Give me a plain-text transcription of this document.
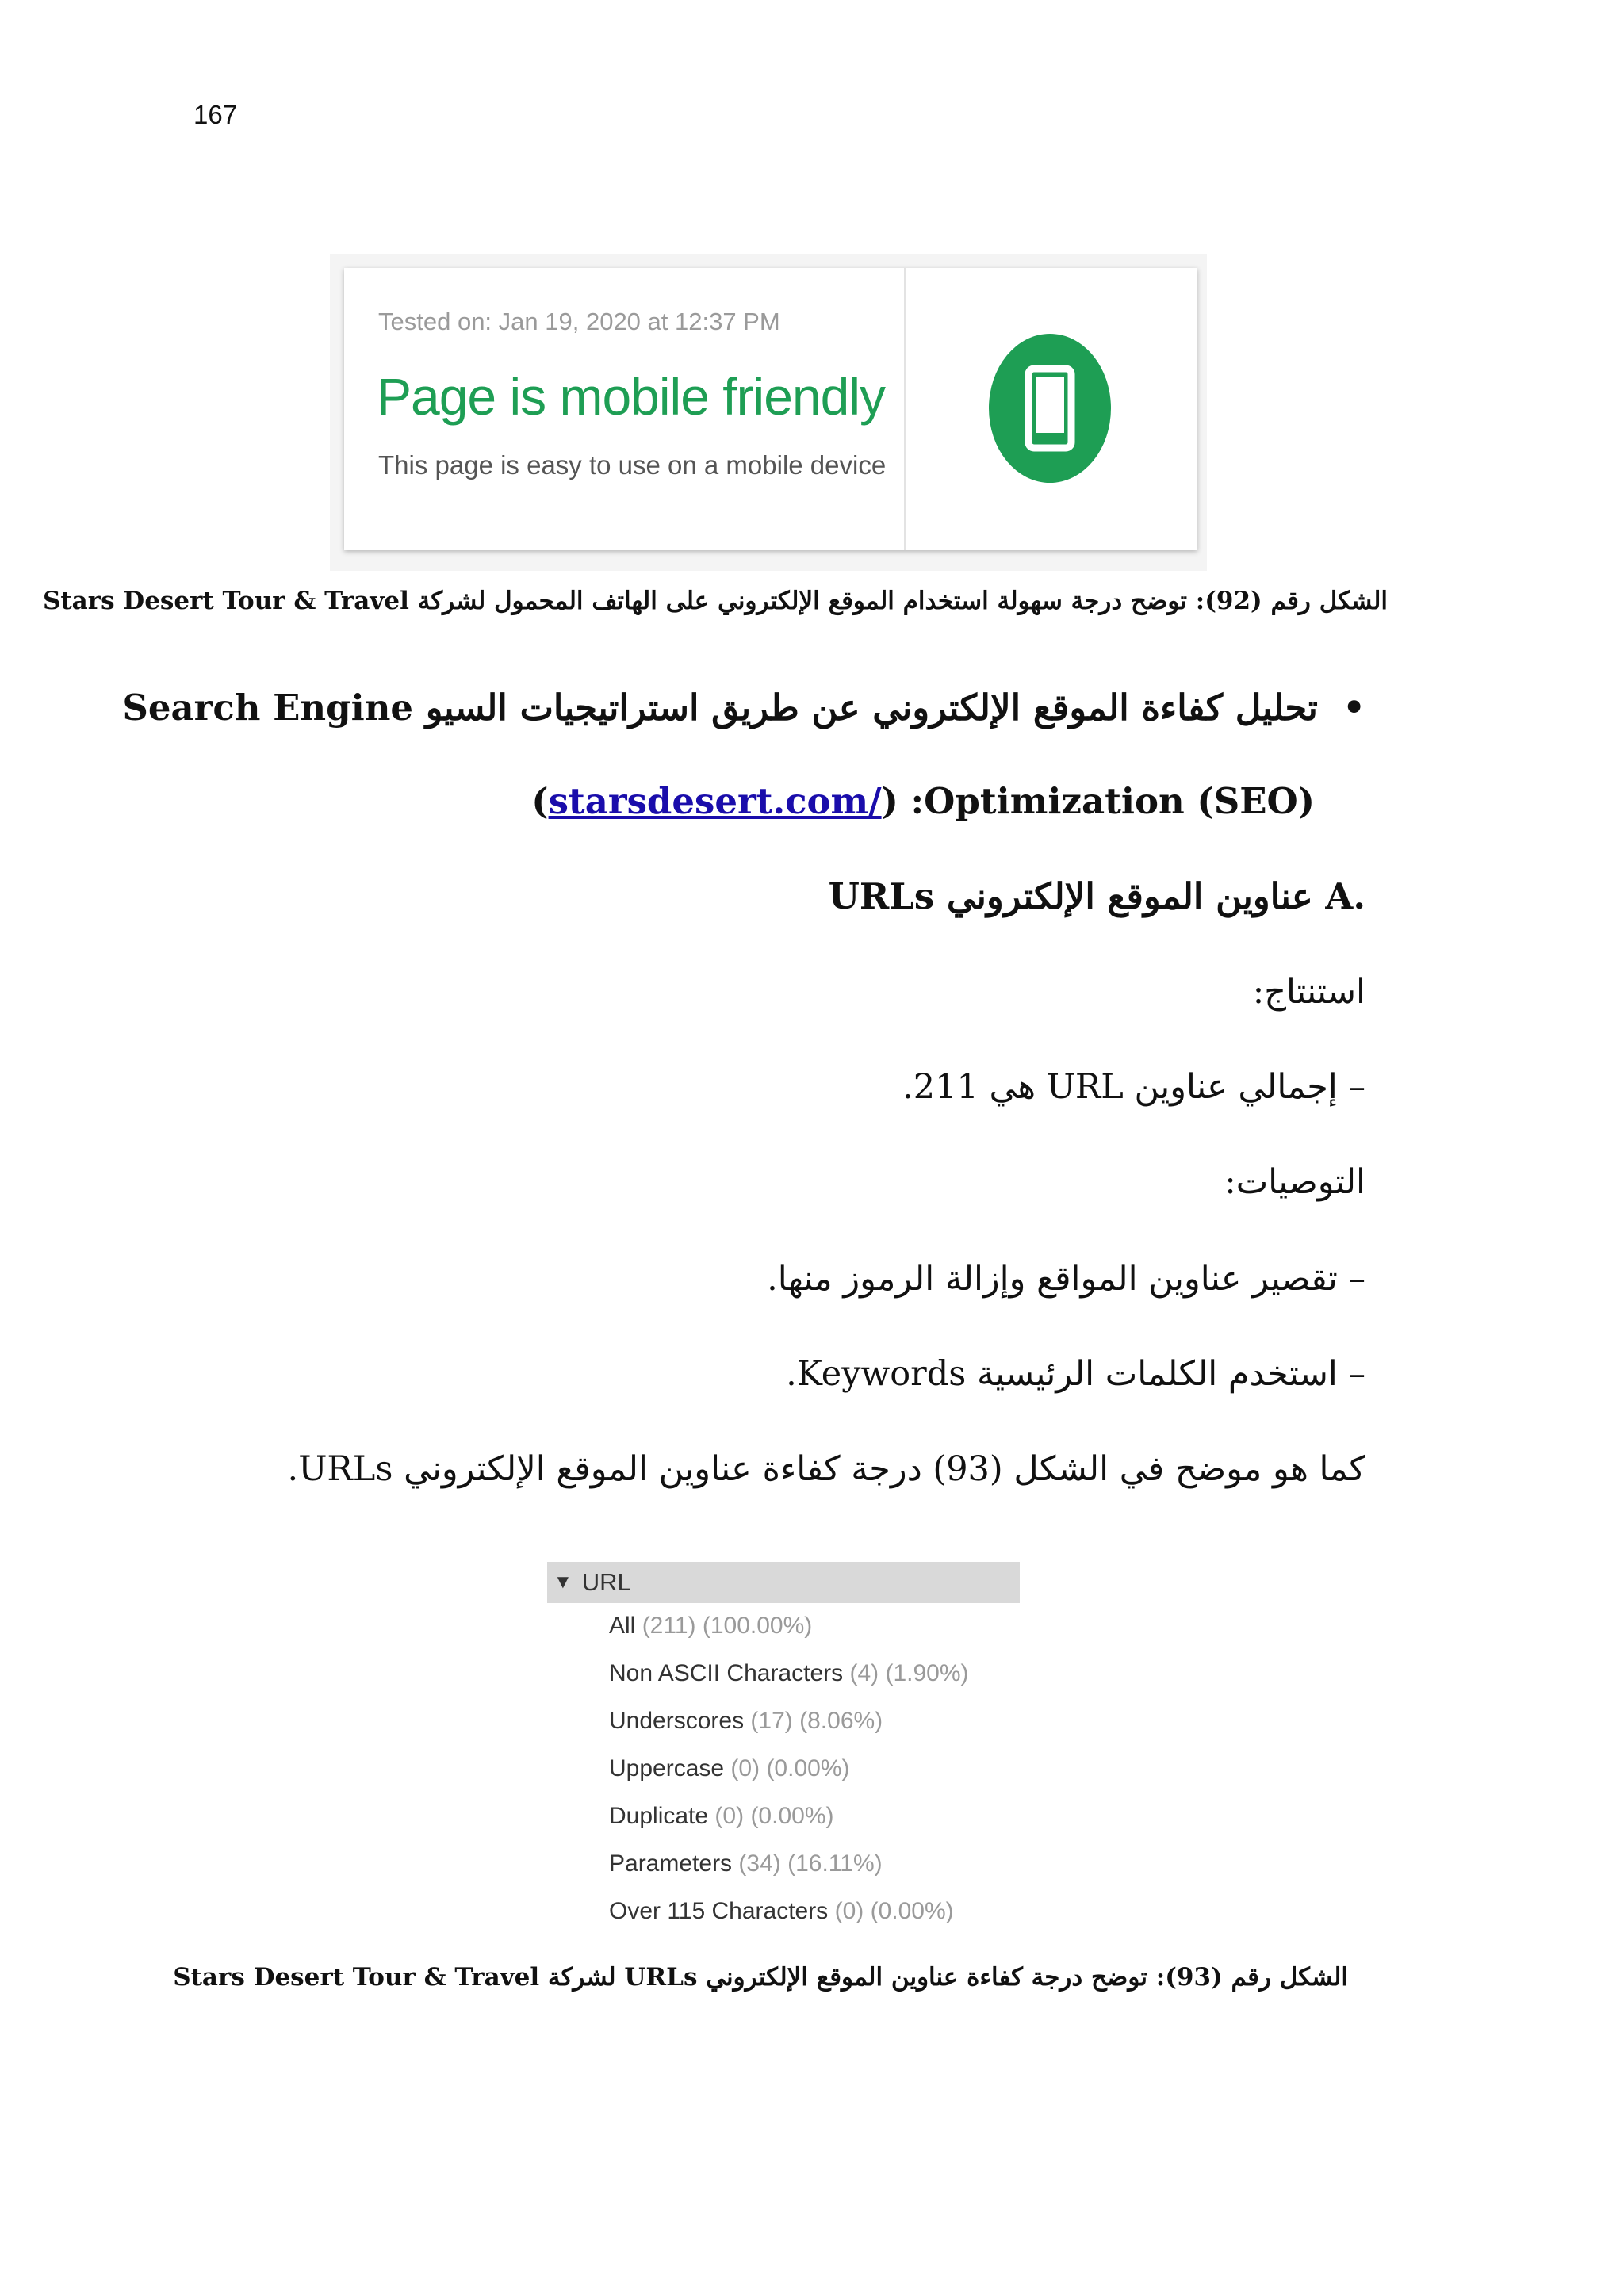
167
Tested on: Jan 19, 2020 at 12:37 PM
Page is mobile friendly
This page is easy to use on a mobile device
الشكل رقم (92): توضح درجة سهولة استخدام الموقع الإلكتروني على الهاتف المحمول لشركة Stars Desert Tour & Travel
•  تحليل كفاءة الموقع الإلكتروني عن طريق استراتيجيات السيو Search Engine
(starsdesert.com/) :Optimization (SEO)
.A عناوين الموقع الإلكتروني URLs
استنتاج:
– إجمالي عناوين URL هي 211.
التوصيات:
– تقصير عناوين المواقع وإزالة الرموز منها.
– استخدم الكلمات الرئيسية Keywords.
كما هو موضح في الشكل (93) درجة كفاءة عناوين الموقع الإلكتروني URLs.
▼ URL
All (211) (100.00%)
Non ASCII Characters (4) (1.90%)
Underscores (17) (8.06%)
Uppercase (0) (0.00%)
Duplicate (0) (0.00%)
Parameters (34) (16.11%)
Over 115 Characters (0) (0.00%)
الشكل رقم (93): توضح درجة كفاءة عناوين الموقع الإلكتروني URLs لشركة Stars Desert Tour & Travel
